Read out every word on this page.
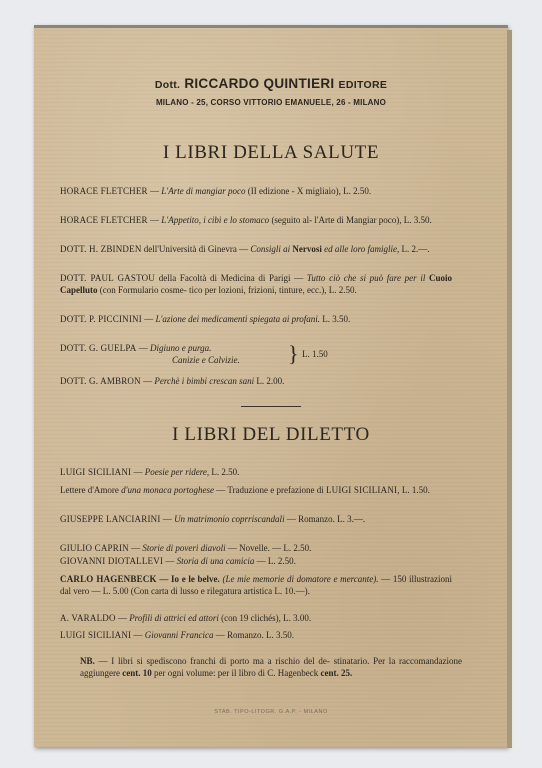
Dott. RICCARDO QUINTIERI EDITORE
MILANO - 25, CORSO VITTORIO EMANUELE, 26 - MILANO
I LIBRI DELLA SALUTE
HORACE FLETCHER — L'Arte di mangiar poco (II edizione - X migliaio), L. 2.50.
HORACE FLETCHER — L'Appetito, i cibi e lo stomaco (seguito al- l'Arte di Mangiar poco), L. 3.50.
DOTT. H. ZBINDEN dell'Università di Ginevra — Consigli ai Nervosi ed alle loro famiglie, L. 2.—.
DOTT. PAUL GASTOU della Facoltà di Medicina di Parigi — Tutto ciò che si può fare per il Cuoio Capelluto (con Formulario cosme- tico per lozioni, frizioni, tinture, ecc.), L. 2.50.
DOTT. P. PICCININI — L'azione dei medicamenti spiegata ai profani. L. 3.50.
DOTT. G. GUELPA — Digiuno e purga.
Canizie e Calvizie.	} L. 1.50
DOTT. G. AMBRON — Perchè i bimbi crescan sani L. 2.00.
I LIBRI DEL DILETTO
LUIGI SICILIANI — Poesie per ridere, L. 2.50.
Lettere d'Amore d'una monaca portoghese — Traduzione e prefazione di LUIGI SICILIANI, L. 1.50.
GIUSEPPE LANCIARINI — Un matrimonio coprriscandali — Romanzo. L. 3.—.
GIULIO CAPRIN — Storie di poveri diavoli — Novelle. — L. 2.50.
GIOVANNI DIOTALLEVI — Storia di una camicia — L. 2.50.
CARLO HAGENBECK — Io e le belve. (Le mie memorie di domatore e mercante). — 150 illustrazioni dal vero — L. 5.00 (Con carta di lusso e rilegatura artistica L. 10.—).
A. VARALDO — Profili di attrici ed attori (con 19 clichés), L. 3.00.
LUIGI SICILIANI — Giovanni Francica — Romanzo. L. 3.50.
NB. — I libri si spediscono franchi di porto ma a rischio del de- stinatario. Per la raccomandazione aggiungere cent. 10 per ogni volume: per il libro di C. Hagenbeck cent. 25.
STAB. TIPO-LITOGR. G.A.P. - MILANO
